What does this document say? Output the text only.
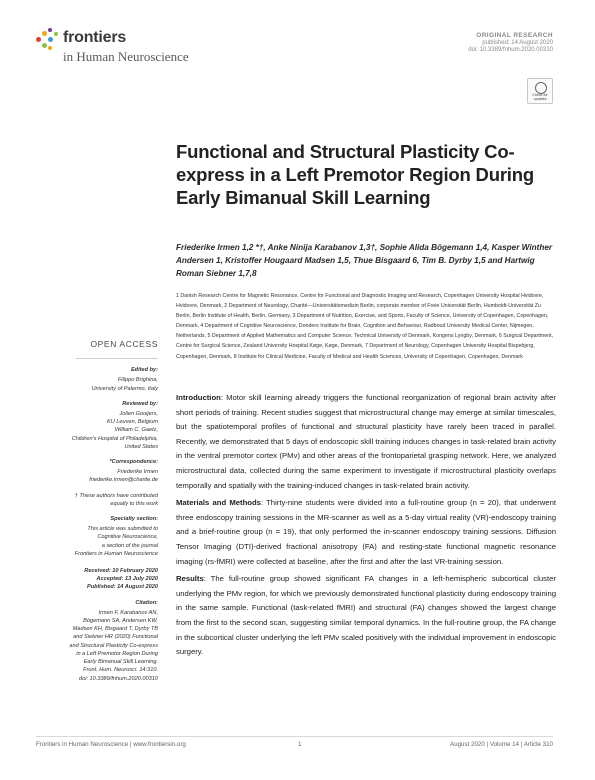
frontiers
in Human Neuroscience
ORIGINAL RESEARCH
published: 14 August 2020
doi: 10.3389/fnhum.2020.00310
Check for updates
Functional and Structural Plasticity Co-express in a Left Premotor Region During Early Bimanual Skill Learning
Friederike Irmen 1,2 *†, Anke Ninija Karabanov 1,3†, Sophie Alida Bögemann 1,4, Kasper Winther Andersen 1, Kristoffer Hougaard Madsen 1,5, Thue Bisgaard 6, Tim B. Dyrby 1,5 and Hartwig Roman Siebner 1,7,8
1 Danish Research Centre for Magnetic Resonance, Centre for Functional and Diagnostic Imaging and Research, Copenhagen University Hospital Hvidovre, Hvidovre, Denmark, 2 Department of Neurology, Charité—Universitätsmedizin Berlin, corporate member of Freie Universität Berlin, Humboldt-Universität Zu Berlin, Berlin Institute of Health, Berlin, Germany, 3 Department of Nutrition, Exercise, and Sports, Faculty of Science, University of Copenhagen, Copenhagen, Denmark, 4 Department of Cognitive Neuroscience, Donders Institute for Brain, Cognition and Behaviour, Radboud University Medical Center, Nijmegen, Netherlands, 5 Department of Applied Mathematics and Computer Science, Technical University of Denmark, Kongens Lyngby, Denmark, 6 Surgical Department, Centre for Surgical Science, Zealand University Hospital Køge, Køge, Denmark, 7 Department of Neurology, Copenhagen University Hospital Bispebjerg, Copenhagen, Denmark, 8 Institute for Clinical Medicine, Faculty of Medical and Health Sciences, University of Copenhagen, Copenhagen, Denmark

Introduction: Motor skill learning already triggers the functional reorganization of regional brain activity after short periods of training. Recent studies suggest that microstructural change may emerge at similar timescales, but the spatiotemporal profiles of functional and structural plasticity have rarely been traced in parallel. Recently, we demonstrated that 5 days of endoscopic skill training induces changes in task-related brain activity in the ventral premotor cortex (PMv) and other areas of the frontoparietal grasping network. Here, we analyzed microstructural data, collected during the same experiment to investigate if microstructural plasticity overlaps temporally and spatially with the training-induced changes in task-related brain activity.

Materials and Methods: Thirty-nine students were divided into a full-routine group (n = 20), that underwent three endoscopy training sessions in the MR-scanner as well as a 5-day virtual reality (VR)-endoscopy training and a brief-routine group (n = 19), that only performed the in-scanner endoscopy training sessions. Diffusion Tensor Imaging (DTI)-derived fractional anisotropy (FA) and resting-state functional magnetic resonance imaging (rs-fMRI) were collected at baseline, after the first and after the last VR-training session.

Results: The full-routine group showed significant FA changes in a left-hemispheric subcortical cluster underlying the PMv region, for which we previously demonstrated functional plasticity during endoscopy training in the same sample. Functional (task-related fMRI) and structural (FA) changes showed the largest change from the first to the second scan, suggesting similar temporal dynamics. In the full-routine group, the FA change in the subcortical cluster underlying the left PMv scaled positively with the individual improvement in endoscopic surgery.

OPEN ACCESS
Edited by:
Filippo Brighina,
University of Palermo, Italy
Reviewed by:
Jolien Gooijers,
KU Leuven, Belgium
William C. Gaetz,
Children's Hospital of Philadelphia,
United States
*Correspondence:
Friederike Irmen
friederike.irmen@charite.de
† These authors have contributed
equally to this work
Specialty section:
This article was submitted to
Cognitive Neuroscience,
a section of the journal
Frontiers in Human Neuroscience
Received: 10 February 2020
Accepted: 13 July 2020
Published: 14 August 2020
Citation:
Irmen F, Karabanov AN,
Bögemann SA, Andersen KW,
Madsen KH, Bisgaard T, Dyrby TB
and Siebner HR (2020) Functional
and Structural Plasticity Co-express
in a Left Premotor Region During
Early Bimanual Skill Learning.
Front. Hum. Neurosci. 14:310.
doi: 10.3389/fnhum.2020.00310
Frontiers in Human Neuroscience | www.frontiersin.org	1	August 2020 | Volume 14 | Article 310
